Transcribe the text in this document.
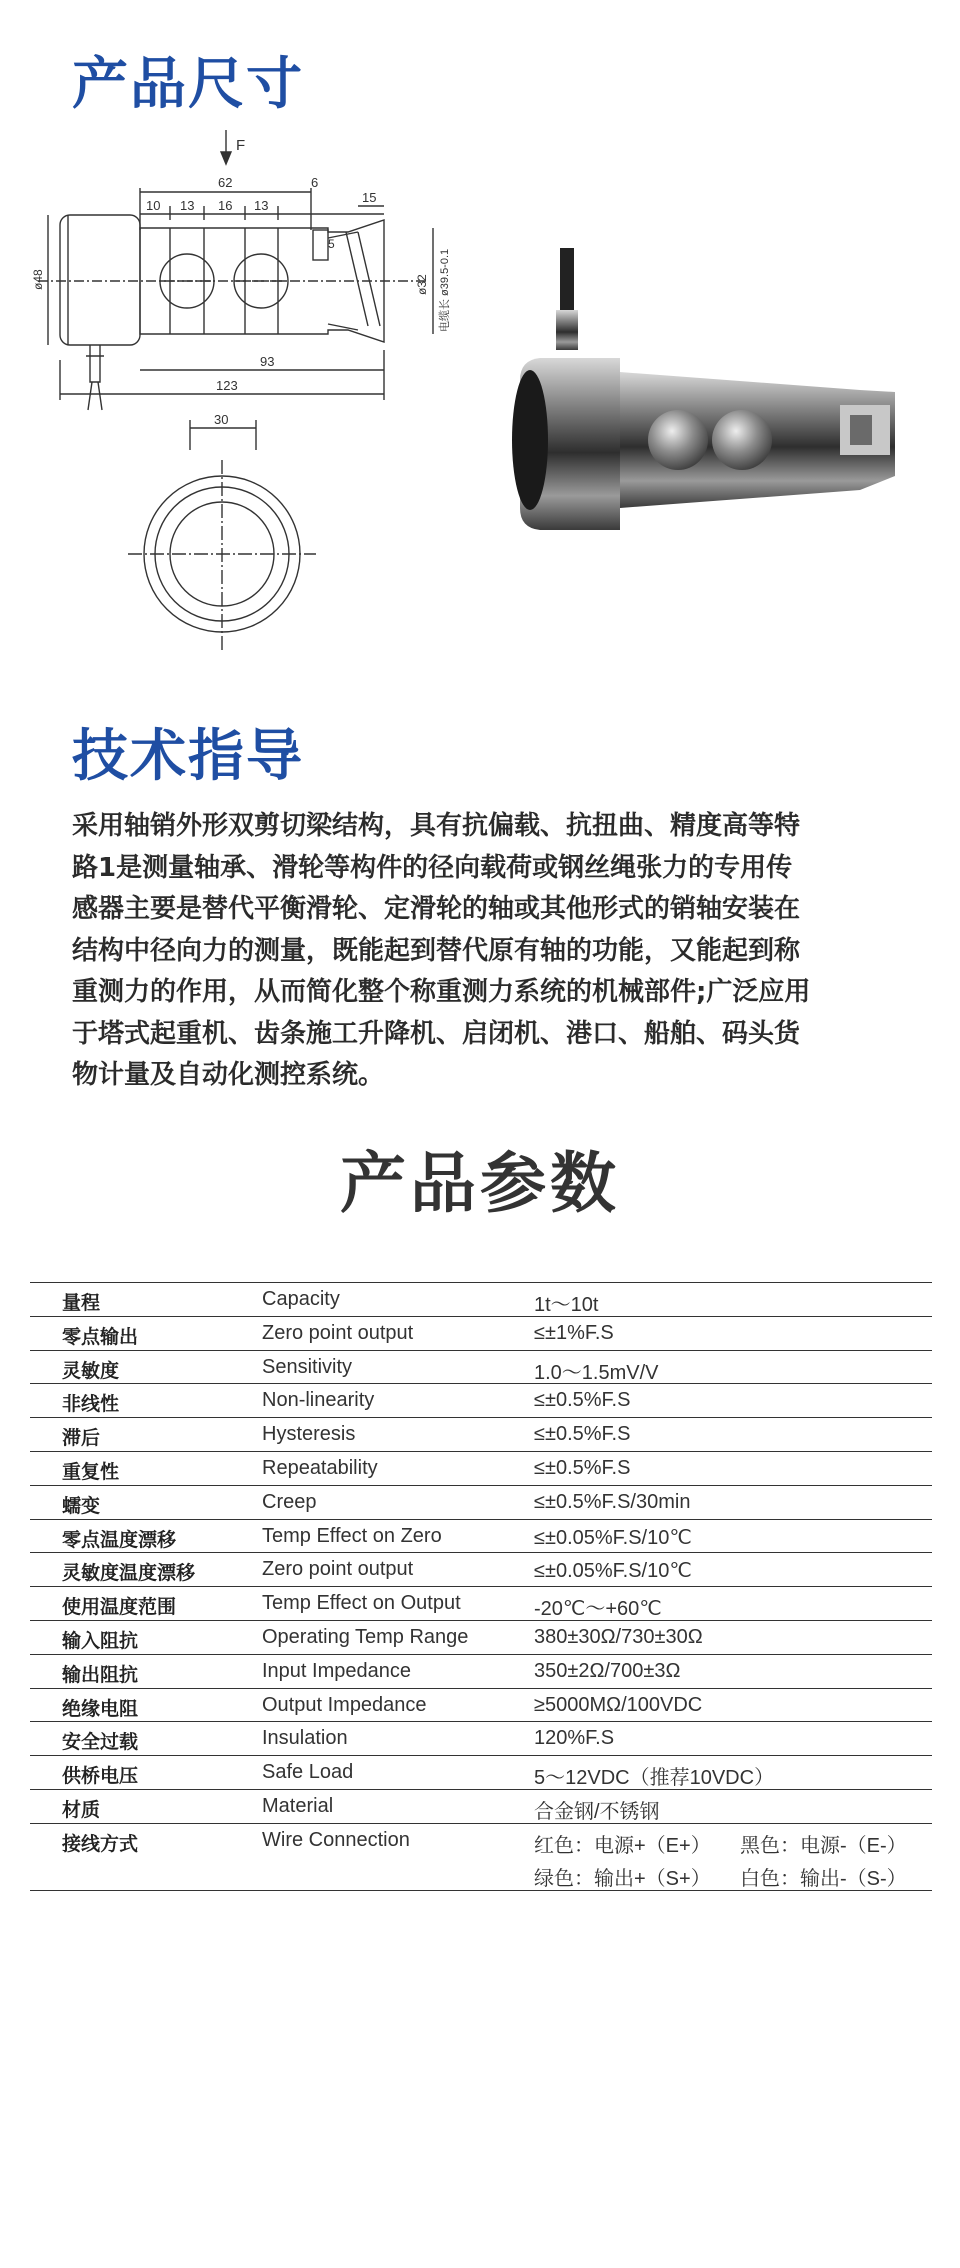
产品尺寸
F
62	6
10 13 16 13
15
5
ø48	ø32 电缆长 ø39.5-0.1
93
123
30
技术指导
采用轴销外形双剪切梁结构，具有抗偏载、抗扭曲、精度高等特
路1是测量轴承、滑轮等构件的径向载荷或钢丝绳张力的专用传
感器主要是替代平衡滑轮、定滑轮的轴或其他形式的销轴安装在
结构中径向力的测量，既能起到替代原有轴的功能，又能起到称
重测力的作用，从而简化整个称重测力系统的机械部件;广泛应用
于塔式起重机、齿条施工升降机、启闭机、港口、船舶、码头货
物计量及自动化测控系统。
产品参数
量程	Capacity	1t～10t
零点输出	Zero point output	≤±1%F.S
灵敏度	Sensitivity	1.0～1.5mV/V
非线性	Non-linearity	≤±0.5%F.S
滞后	Hysteresis	≤±0.5%F.S
重复性	Repeatability	≤±0.5%F.S
蠕变	Creep	≤±0.5%F.S/30min
零点温度漂移	Temp Effect on Zero	≤±0.05%F.S/10℃
灵敏度温度漂移	Zero point output	≤±0.05%F.S/10℃
使用温度范围	Temp Effect on Output	-20℃～+60℃
输入阻抗	Operating Temp Range	380±30Ω/730±30Ω
输出阻抗	Input Impedance	350±2Ω/700±3Ω
绝缘电阻	Output Impedance	≥5000MΩ/100VDC
安全过载	Insulation	120%F.S
供桥电压	Safe Load	5～12VDC（推荐10VDC）
材质	Material	合金钢/不锈钢
接线方式	Wire Connection	红色：电源+（E+） 黑色：电源-（E-）
绿色：输出+（S+） 白色：输出-（S-）
